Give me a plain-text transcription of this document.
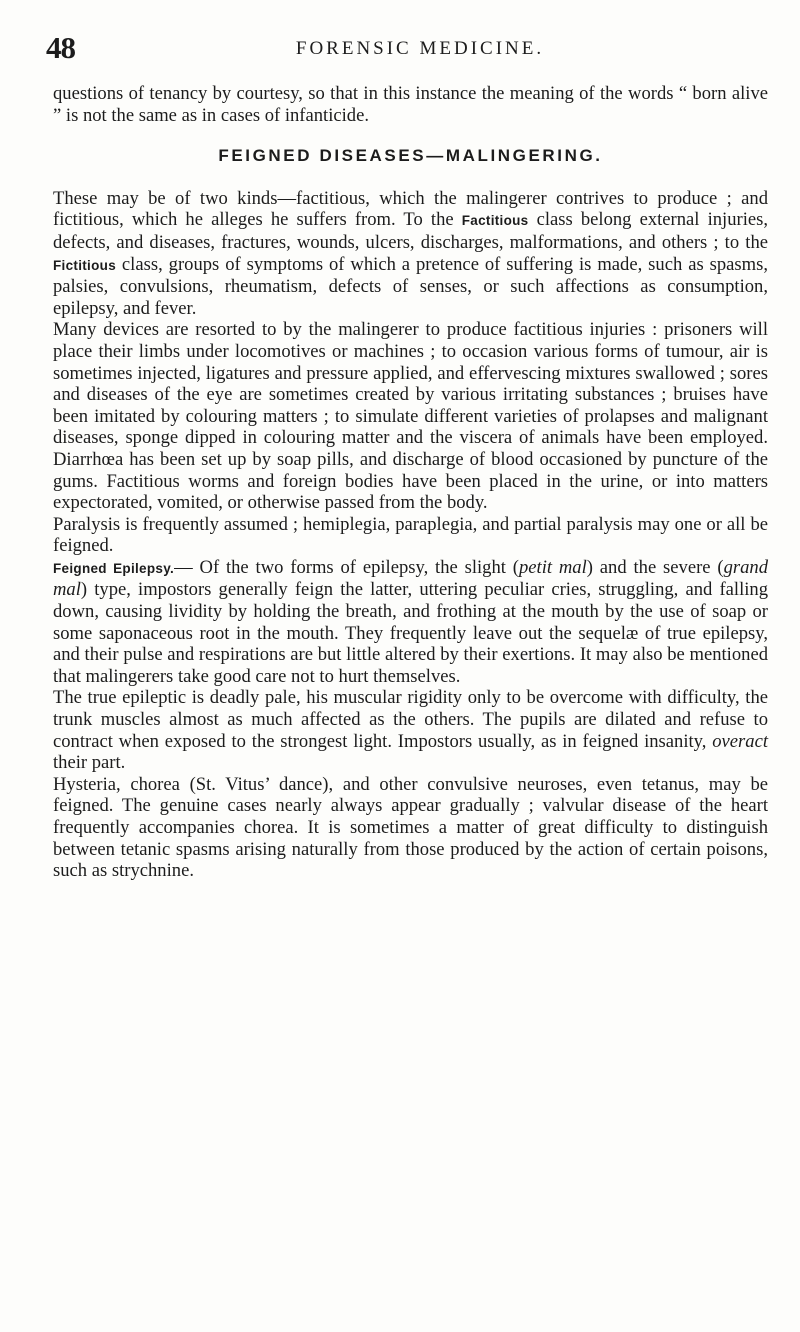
48	FORENSIC MEDICINE.

questions of tenancy by courtesy, so that in this instance the meaning of the words “ born alive ” is not the same as in cases of infanticide.

FEIGNED DISEASES—MALINGERING.

These may be of two kinds—factitious, which the malingerer contrives to produce ; and fictitious, which he alleges he suffers from. To the Factitious class belong external injuries, defects, and diseases, fractures, wounds, ulcers, discharges, malformations, and others ; to the Fictitious class, groups of symptoms of which a pretence of suffering is made, such as spasms, palsies, convulsions, rheumatism, defects of senses, or such affections as consumption, epilepsy, and fever.

Many devices are resorted to by the malingerer to produce factitious injuries : prisoners will place their limbs under locomotives or machines ; to occasion various forms of tumour, air is sometimes injected, ligatures and pressure applied, and effervescing mixtures swallowed ; sores and diseases of the eye are sometimes created by various irritating substances ; bruises have been imitated by colouring matters ; to simulate different varieties of prolapses and malignant diseases, sponge dipped in colouring matter and the viscera of animals have been employed. Diarrhœa has been set up by soap pills, and discharge of blood occasioned by puncture of the gums. Factitious worms and foreign bodies have been placed in the urine, or into matters expectorated, vomited, or otherwise passed from the body.

Paralysis is frequently assumed ; hemiplegia, paraplegia, and partial paralysis may one or all be feigned.

Feigned Epilepsy.— Of the two forms of epilepsy, the slight (petit mal) and the severe (grand mal) type, impostors generally feign the latter, uttering peculiar cries, struggling, and falling down, causing lividity by holding the breath, and frothing at the mouth by the use of soap or some saponaceous root in the mouth. They frequently leave out the sequelæ of true epilepsy, and their pulse and respirations are but little altered by their exertions. It may also be mentioned that malingerers take good care not to hurt themselves.

The true epileptic is deadly pale, his muscular rigidity only to be overcome with difficulty, the trunk muscles almost as much affected as the others. The pupils are dilated and refuse to contract when exposed to the strongest light. Impostors usually, as in feigned insanity, overact their part.

Hysteria, chorea (St. Vitus’ dance), and other convulsive neuroses, even tetanus, may be feigned. The genuine cases nearly always appear gradually ; valvular disease of the heart frequently accompanies chorea. It is sometimes a matter of great difficulty to distinguish between tetanic spasms arising naturally from those produced by the action of certain poisons, such as strychnine.
